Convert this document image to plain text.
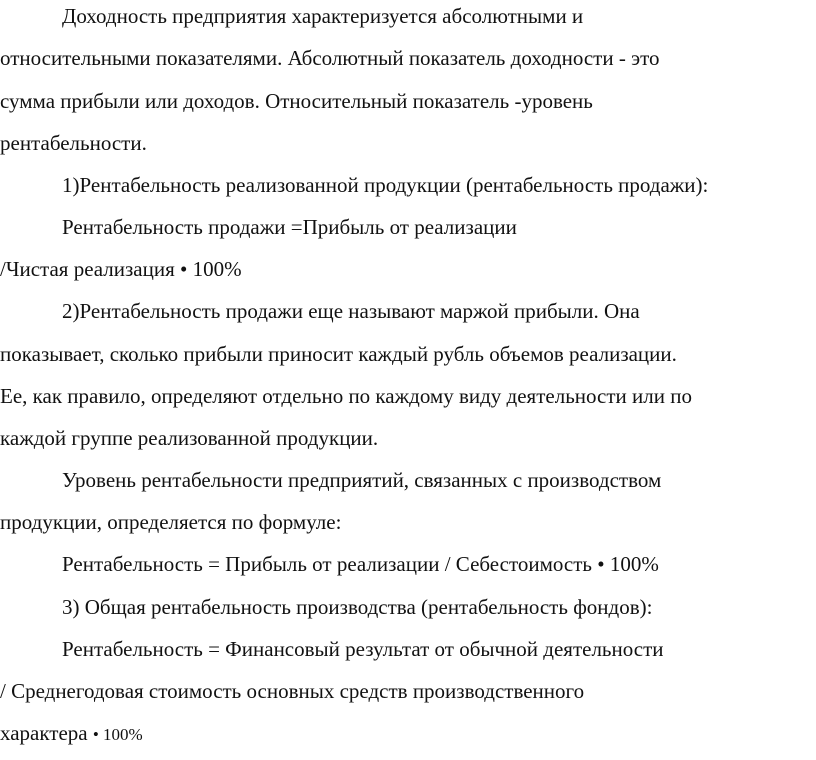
Доходность предприятия характеризуется абсолютными и
относительными показателями. Абсолютный показатель доходности - это
сумма прибыли или доходов. Относительный показатель -уровень
рентабельности.
1)Рентабельность реализованной продукции (рентабельность продажи):
Рентабельность продажи =Прибыль от реализации
/Чистая реализация • 100%
2)Рентабельность продажи еще называют маржой прибыли. Она
показывает, сколько прибыли приносит каждый рубль объемов реализации.
Ее, как правило, определяют отдельно по каждому виду деятельности или по
каждой группе реализованной продукции.
Уровень рентабельности предприятий, связанных с производством
продукции, определяется по формуле:
Рентабельность = Прибыль от реализации / Себестоимость • 100%
3) Общая рентабельность производства (рентабельность фондов):
Рентабельность = Финансовый результат от обычной деятельности
/ Среднегодовая стоимость основных средств производственного
характера • 100%
